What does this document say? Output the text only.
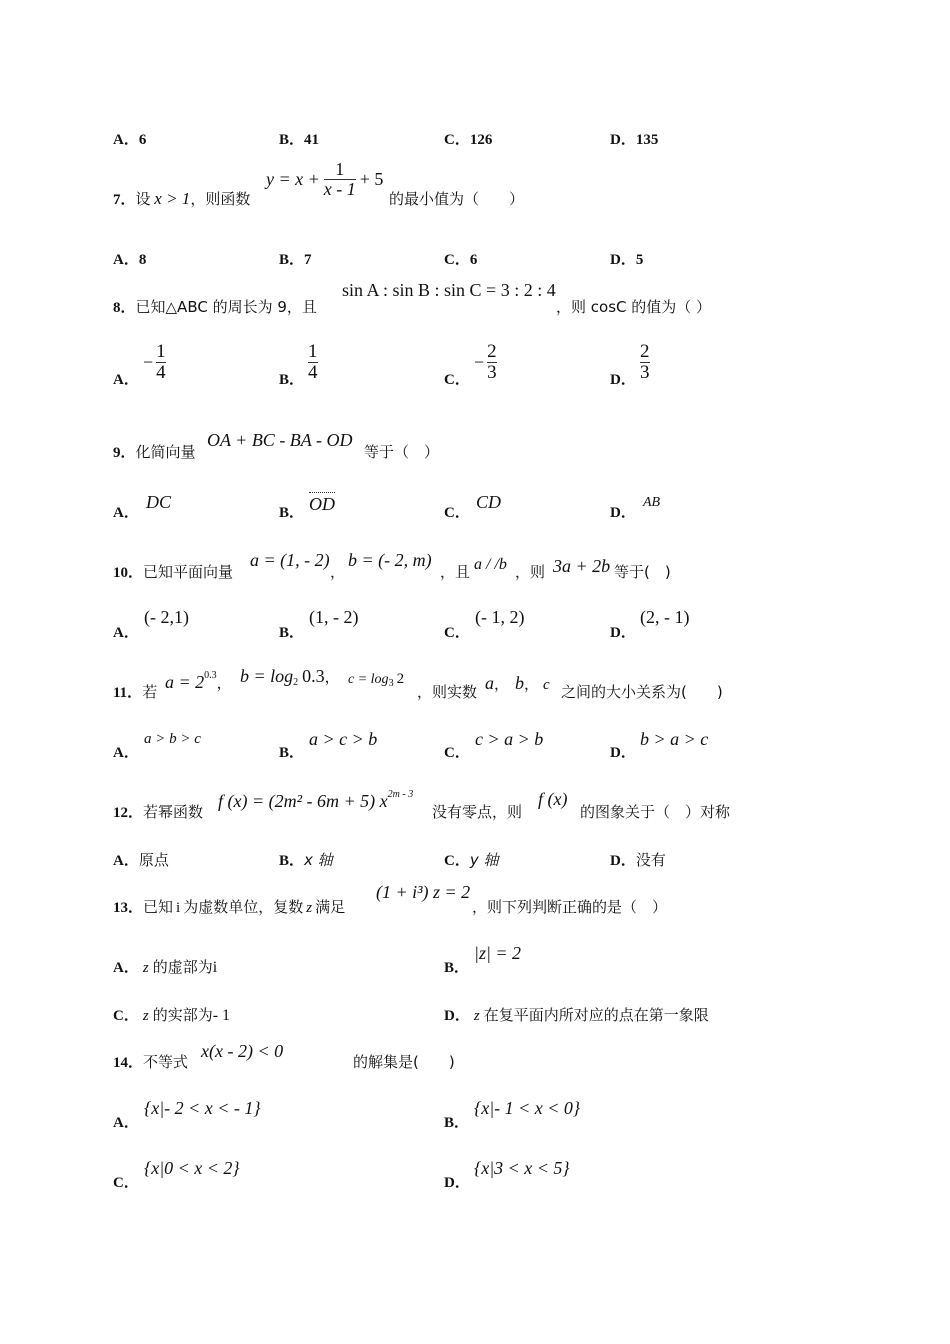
A．6	B．41	C．126	D．135
7．设 x > 1，则函数
$y = x + \frac{1}{x - 1} + 5$
的最小值为（　　）
A．8	B．7	C．6	D．5
8．已知△ABC 的周长为 9，且
sin A : sin B : sin C = 3 : 2 : 4
，则 cosC 的值为（ ）
A．
− $\frac{1}{4}$	B． $\frac{1}{4}$	C．
− $\frac{2}{3}$	D． $\frac{2}{3}$
9．化简向量
OA + BC - BA - OD
等于（　）
A．
DC
B． OD	C．
CD
D．
AB
10．已知平面向量
a = (1, - 2)
，
b = (- 2, m)
，且 a / /b ，则 3a + 2b 等于(　)
A．
(- 2,1)
B．
(1, - 2)
C．
(- 1, 2)
D．
(2, - 1)
11．若 $a = 2^{0.3}$， $b = \log_2 0.3$， $c = \log_3 2$
，则实数 a， b， c 之间的大小关系为(　　)
A．
a > b > c
B．
a > c > b
C．
c > a > b
D．
b > a > c
12．若幂函数
f (x) = (2m² - 6m + 5) $x^{2m - 3}$
没有零点，则
f (x)
的图象关于（　）对称
A．原点	B．x 轴	C．y 轴	D．没有
13．已知 i 为虚数单位，复数 z 满足
(1 + i³) z = 2
，则下列判断正确的是（　）
A． z 的虚部为i	B．
|z| = 2
C． z 的实部为- 1	D． z 在复平面内所对应的点在第一象限
14．不等式
x(x - 2) < 0
的解集是(　　)
A．
{x|- 2 < x < - 1}
B．
{x|- 1 < x < 0}
C．
{x|0 < x < 2}
D．
{x|3 < x < 5}
